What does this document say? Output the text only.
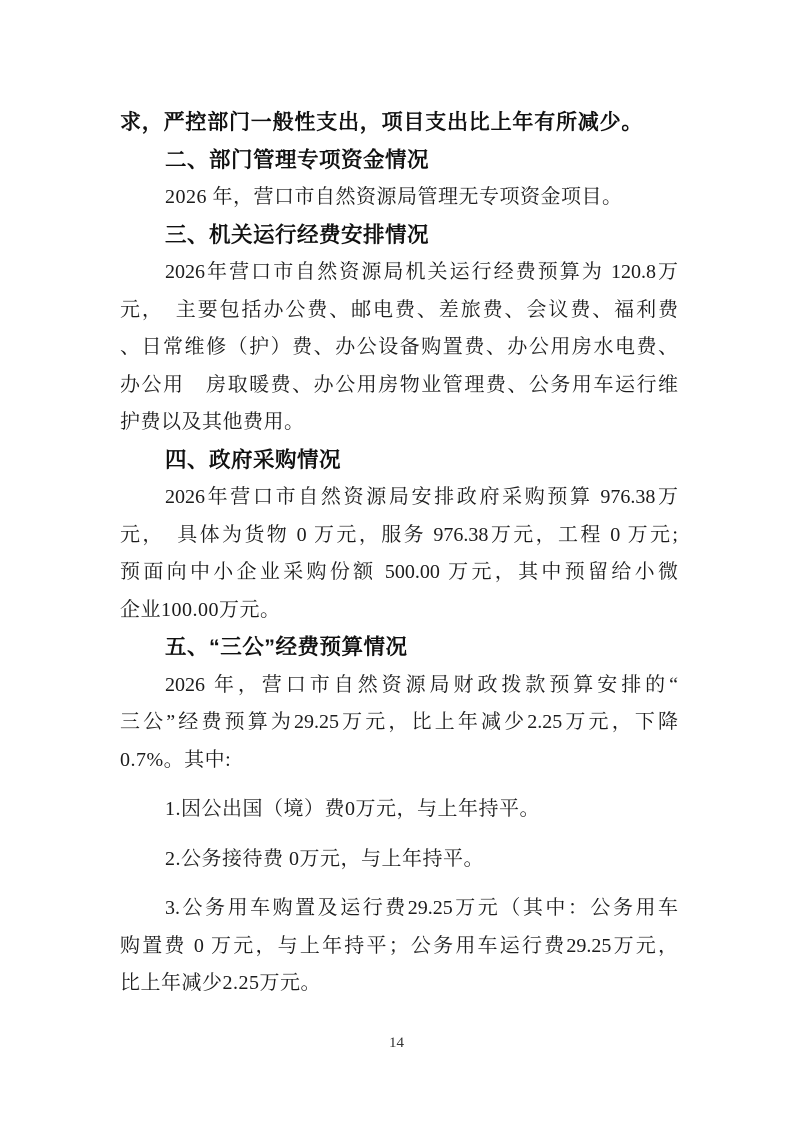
求，严控部门一般性支出，项目支出比上年有所减少。
二、部门管理专项资金情况
2026 年，营口市自然资源局管理无专项资金项目。
三、机关运行经费安排情况
2026年营口市自然资源局机关运行经费预算为 120.8万
元，　主要包括办公费、邮电费、差旅费、会议费、福利费
、日常维修（护）费、办公设备购置费、办公用房水电费、
办公用　房取暖费、办公用房物业管理费、公务用车运行维
护费以及其他费用。
四、政府采购情况
2026年营口市自然资源局安排政府采购预算 976.38万
元，　具体为货物 0 万元，服务 976.38万元，工程 0 万元;
预面向中小企业采购份额 500.00 万元，其中预留给小微
企业100.00万元。
五、“三公”经费预算情况
2026 年，营口市自然资源局财政拨款预算安排的“
三公”经费预算为29.25万元，比上年减少2.25万元，下降
0.7%。其中:
1.因公出国（境）费0万元，与上年持平。
2.公务接待费 0万元，与上年持平。
3.公务用车购置及运行费29.25万元（其中：公务用车
购置费 0 万元，与上年持平；公务用车运行费29.25万元，
比上年减少2.25万元。
14
